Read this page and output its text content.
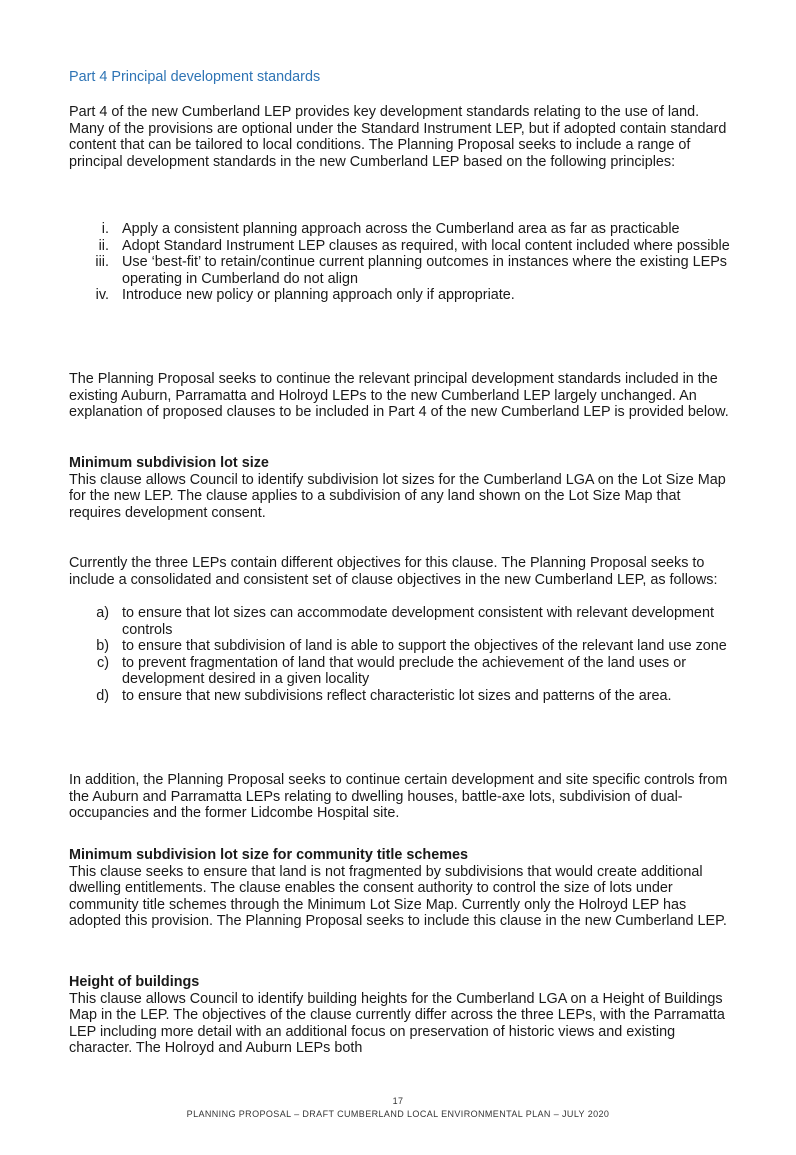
Part 4 Principal development standards

Part 4 of the new Cumberland LEP provides key development standards relating to the use of land. Many of the provisions are optional under the Standard Instrument LEP, but if adopted contain standard content that can be tailored to local conditions. The Planning Proposal seeks to include a range of principal development standards in the new Cumberland LEP based on the following principles:

i. Apply a consistent planning approach across the Cumberland area as far as practicable
ii. Adopt Standard Instrument LEP clauses as required, with local content included where possible
iii. Use ‘best-fit’ to retain/continue current planning outcomes in instances where the existing LEPs operating in Cumberland do not align
iv. Introduce new policy or planning approach only if appropriate.

The Planning Proposal seeks to continue the relevant principal development standards included in the existing Auburn, Parramatta and Holroyd LEPs to the new Cumberland LEP largely unchanged. An explanation of proposed clauses to be included in Part 4 of the new Cumberland LEP is provided below.

Minimum subdivision lot size

This clause allows Council to identify subdivision lot sizes for the Cumberland LGA on the Lot Size Map for the new LEP. The clause applies to a subdivision of any land shown on the Lot Size Map that requires development consent.

Currently the three LEPs contain different objectives for this clause. The Planning Proposal seeks to include a consolidated and consistent set of clause objectives in the new Cumberland LEP, as follows:

a) to ensure that lot sizes can accommodate development consistent with relevant development controls
b) to ensure that subdivision of land is able to support the objectives of the relevant land use zone
c) to prevent fragmentation of land that would preclude the achievement of the land uses or development desired in a given locality
d) to ensure that new subdivisions reflect characteristic lot sizes and patterns of the area.

In addition, the Planning Proposal seeks to continue certain development and site specific controls from the Auburn and Parramatta LEPs relating to dwelling houses, battle-axe lots, subdivision of dual-occupancies and the former Lidcombe Hospital site.

Minimum subdivision lot size for community title schemes

This clause seeks to ensure that land is not fragmented by subdivisions that would create additional dwelling entitlements. The clause enables the consent authority to control the size of lots under community title schemes through the Minimum Lot Size Map. Currently only the Holroyd LEP has adopted this provision. The Planning Proposal seeks to include this clause in the new Cumberland LEP.

Height of buildings

This clause allows Council to identify building heights for the Cumberland LGA on a Height of Buildings Map in the LEP. The objectives of the clause currently differ across the three LEPs, with the Parramatta LEP including more detail with an additional focus on preservation of historic views and existing character. The Holroyd and Auburn LEPs both

17
PLANNING PROPOSAL – DRAFT CUMBERLAND LOCAL ENVIRONMENTAL PLAN – JULY 2020
